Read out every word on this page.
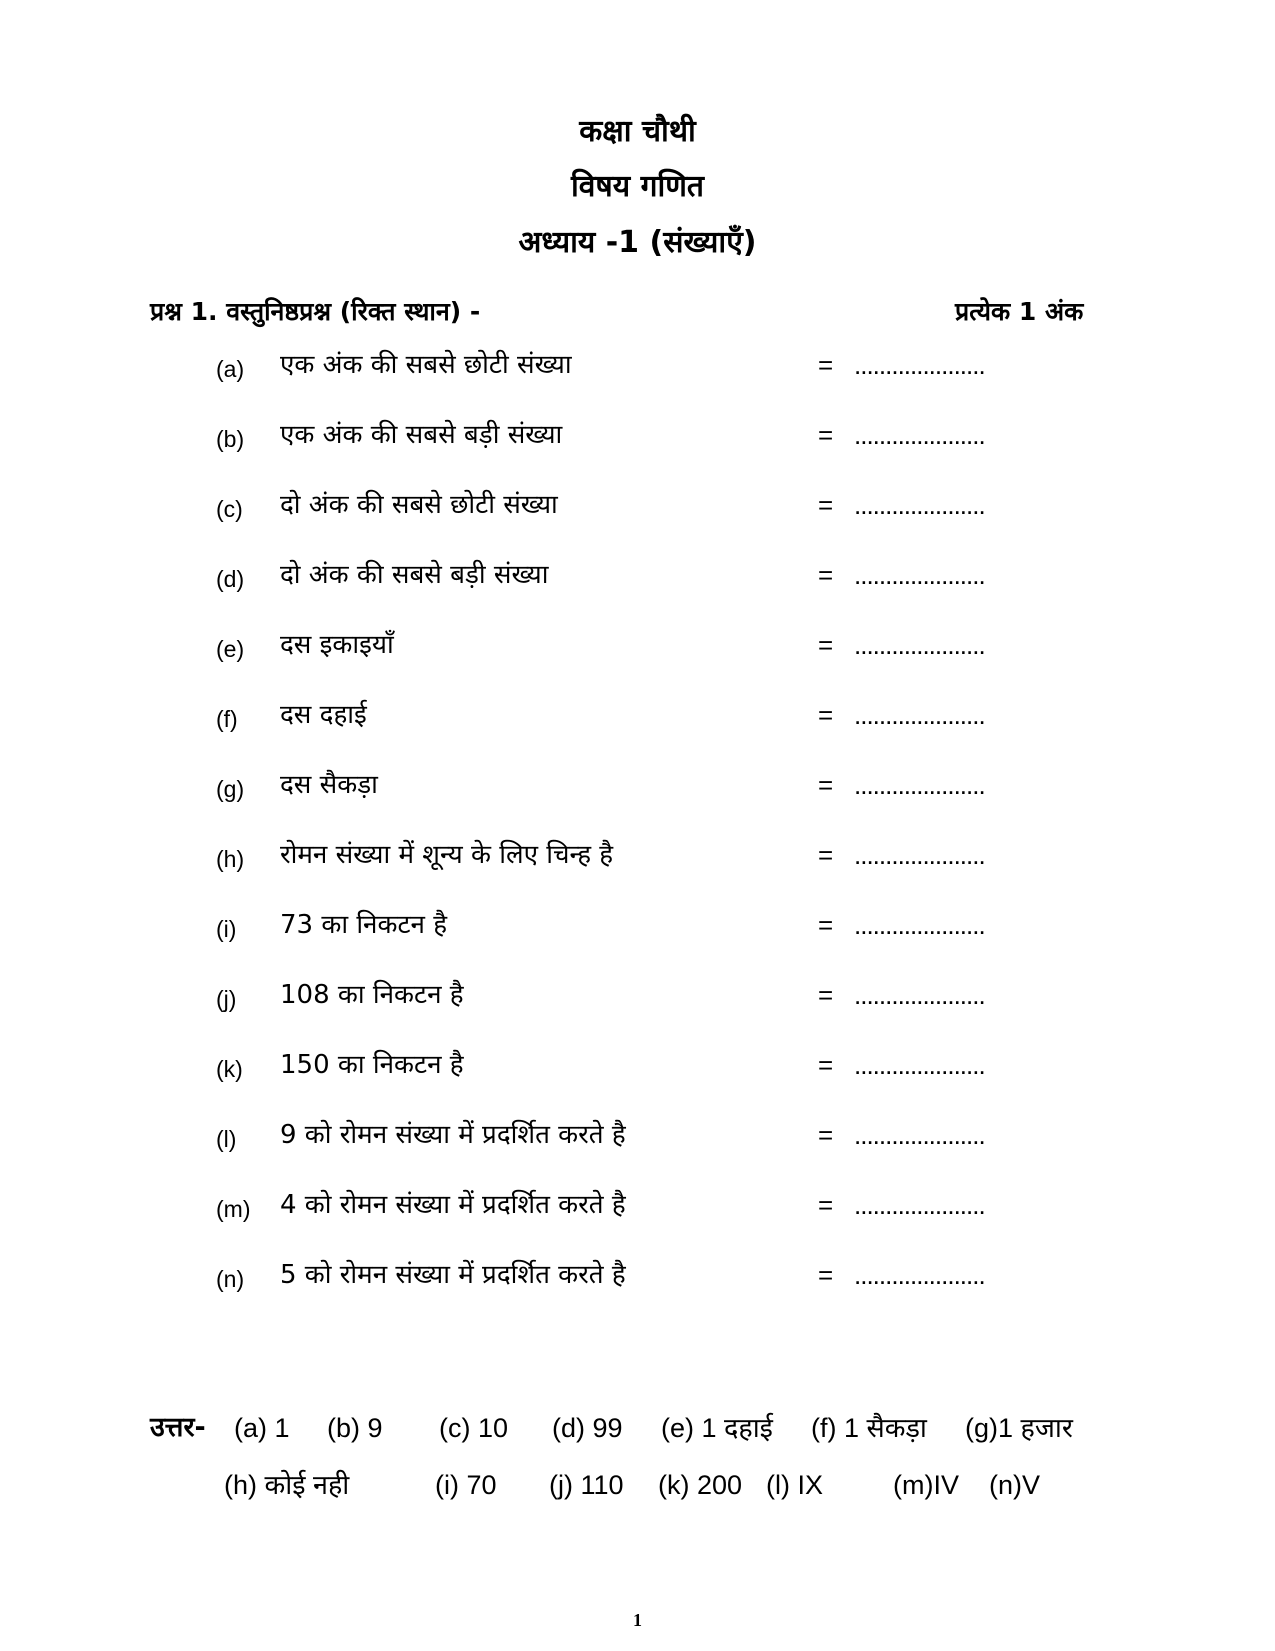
कक्षा चौथी
विषय गणित
अध्याय -1 (संख्याएँ)
प्रश्न 1. वस्तुनिष्ठप्रश्न (रिक्त स्थान) -	प्रत्येक 1 अंक
(a) एक अंक की सबसे छोटी संख्या	= .....................
(b) एक अंक की सबसे बड़ी संख्या	= .....................
(c) दो अंक की सबसे छोटी संख्या	= .....................
(d) दो अंक की सबसे बड़ी संख्या	= .....................
(e) दस इकाइयाँ	= .....................
(f) दस दहाई	= .....................
(g) दस सैकड़ा	= .....................
(h) रोमन संख्या में शून्य के लिए चिन्ह है	= .....................
(i) 73 का निकटन है	= .....................
(j) 108 का निकटन है	= .....................
(k) 150 का निकटन है	= .....................
(l) 9 को रोमन संख्या में प्रदर्शित करते है	= .....................
(m) 4 को रोमन संख्या में प्रदर्शित करते है	= .....................
(n) 5 को रोमन संख्या में प्रदर्शित करते है	= .....................
उत्तर- (a) 1 (b) 9 (c) 10 (d) 99 (e) 1 दहाई (f) 1 सैकड़ा (g)1 हजार
(h) कोई नही	(i) 70 (j) 110 (k) 200 (l) IX	(m)IV (n)V
1
